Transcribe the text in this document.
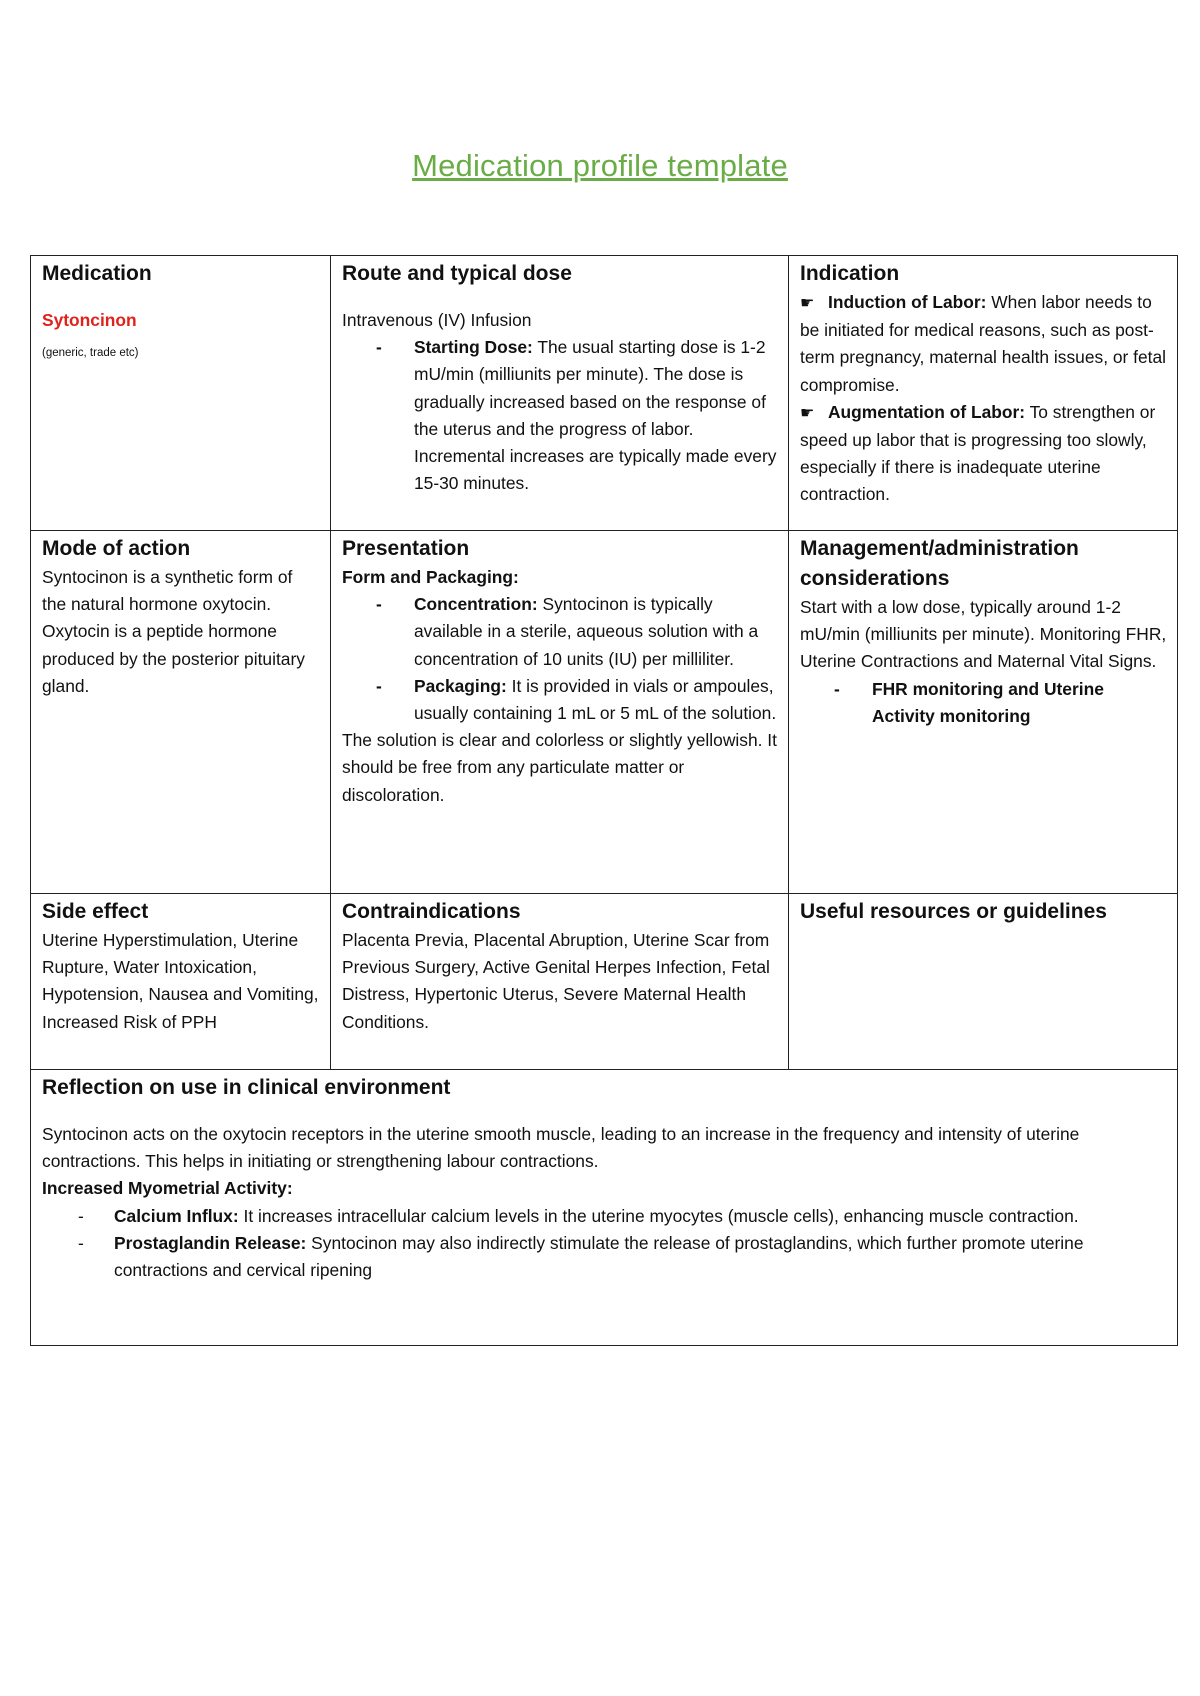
Medication profile template
Medication
Sytoncinon
(generic, trade etc)
Route and typical dose
Intravenous (IV) Infusion
- Starting Dose: The usual starting dose is 1-2 mU/min (milliunits per minute). The dose is gradually increased based on the response of the uterus and the progress of labor. Incremental increases are typically made every 15-30 minutes.
Indication
☛ Induction of Labor: When labor needs to be initiated for medical reasons, such as post-term pregnancy, maternal health issues, or fetal compromise.
☛ Augmentation of Labor: To strengthen or speed up labor that is progressing too slowly, especially if there is inadequate uterine contraction.
Mode of action
Syntocinon is a synthetic form of the natural hormone oxytocin. Oxytocin is a peptide hormone produced by the posterior pituitary gland.
Presentation
Form and Packaging:
- Concentration: Syntocinon is typically available in a sterile, aqueous solution with a concentration of 10 units (IU) per milliliter.
- Packaging: It is provided in vials or ampoules, usually containing 1 mL or 5 mL of the solution.
The solution is clear and colorless or slightly yellowish. It should be free from any particulate matter or discoloration.
Management/administration considerations
Start with a low dose, typically around 1-2 mU/min (milliunits per minute). Monitoring FHR, Uterine Contractions and Maternal Vital Signs.
- FHR monitoring and Uterine Activity monitoring
Side effect
Uterine Hyperstimulation, Uterine Rupture, Water Intoxication, Hypotension, Nausea and Vomiting, Increased Risk of PPH
Contraindications
Placenta Previa, Placental Abruption, Uterine Scar from Previous Surgery, Active Genital Herpes Infection, Fetal Distress, Hypertonic Uterus, Severe Maternal Health Conditions.
Useful resources or guidelines
Reflection on use in clinical environment
Syntocinon acts on the oxytocin receptors in the uterine smooth muscle, leading to an increase in the frequency and intensity of uterine contractions. This helps in initiating or strengthening labour contractions.
Increased Myometrial Activity:
- Calcium Influx: It increases intracellular calcium levels in the uterine myocytes (muscle cells), enhancing muscle contraction.
- Prostaglandin Release: Syntocinon may also indirectly stimulate the release of prostaglandins, which further promote uterine contractions and cervical ripening
